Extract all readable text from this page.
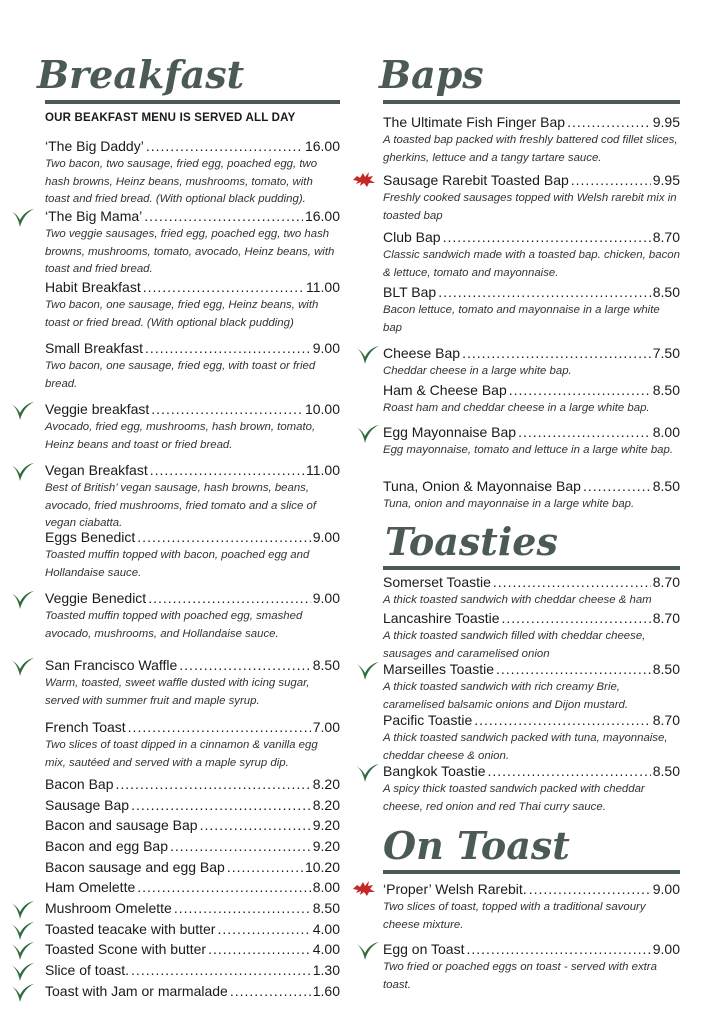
Breakfast
OUR BEAKFAST MENU IS SERVED ALL DAY
‘The Big Daddy’ .....	16.00
Two bacon, two sausage, fried egg, poached egg, two hash browns, Heinz beans, mushrooms, tomato, with toast and fried bread. (With optional black pudding).
‘The Big Mama’ .....	16.00
Two veggie sausages, fried egg, poached egg, two hash browns, mushrooms, tomato, avocado, Heinz beans, with toast and fried bread.
Habit Breakfast .....	11.00
Two bacon, one sausage, fried egg, Heinz beans, with toast or fried bread. (With optional black pudding)
Small Breakfast .....	9.00
Two bacon, one sausage, fried egg, with toast or fried bread.
Veggie breakfast .....	10.00
Avocado, fried egg, mushrooms, hash brown, tomato, Heinz beans and toast or fried bread.
Vegan Breakfast .....	11.00
Best of British’ vegan sausage, hash browns, beans, avocado, fried mushrooms, fried tomato and a slice of vegan ciabatta.
Eggs Benedict .....	9.00
Toasted muffin topped with bacon, poached egg and Hollandaise sauce.
Veggie Benedict .....	9.00
Toasted muffin topped with poached egg, smashed avocado, mushrooms, and Hollandaise sauce.
San Francisco Waffle .....	8.50
Warm, toasted, sweet waffle dusted with icing sugar, served with summer fruit and maple syrup.
French Toast .....	7.00
Two slices of toast dipped in a cinnamon & vanilla egg mix, sautéed and served with a maple syrup dip.
Bacon Bap .....	8.20
Sausage Bap .....	8.20
Bacon and sausage Bap .....	9.20
Bacon and egg Bap .....	9.20
Bacon sausage and egg Bap .....	10.20
Ham Omelette .....	8.00
Mushroom Omelette .....	8.50
Toasted teacake with butter .....	4.00
Toasted Scone with butter .....	4.00
Slice of toast. .....	1.30
Toast with Jam or marmalade .....	1.60
Baps
The Ultimate Fish Finger Bap .....	9.95
A toasted bap packed with freshly battered cod fillet slices, gherkins, lettuce and a tangy tartare sauce.
Sausage Rarebit Toasted Bap .....	9.95
Freshly cooked sausages topped with Welsh rarebit mix in toasted bap
Club Bap .....	8.70
Classic sandwich made with a toasted bap. chicken, bacon & lettuce, tomato and mayonnaise.
BLT Bap .....	8.50
Bacon lettuce, tomato and mayonnaise in a large white bap
Cheese Bap .....	7.50
Cheddar cheese in a large white bap.
Ham & Cheese Bap .....	8.50
Roast ham and cheddar cheese in a large white bap.
Egg Mayonnaise Bap .....	8.00
Egg mayonnaise, tomato and lettuce in a large white bap.
Tuna, Onion & Mayonnaise Bap .....	8.50
Tuna, onion and mayonnaise in a large white bap.
Toasties
Somerset Toastie .....	8.70
A thick toasted sandwich with cheddar cheese & ham
Lancashire Toastie .....	8.70
A thick toasted sandwich filled with cheddar cheese, sausages and caramelised onion
Marseilles Toastie .....	8.50
A thick toasted sandwich with rich creamy Brie, caramelised balsamic onions and Dijon mustard.
Pacific Toastie .....	8.70
A thick toasted sandwich packed with tuna, mayonnaise, cheddar cheese & onion.
Bangkok Toastie .....	8.50
A spicy thick toasted sandwich packed with cheddar cheese, red onion and red Thai curry sauce.
On Toast
‘Proper’ Welsh Rarebit. .....	9.00
Two slices of toast, topped with a traditional savoury cheese mixture.
Egg on Toast .....	9.00
Two fried or poached eggs on toast - served with extra toast.
